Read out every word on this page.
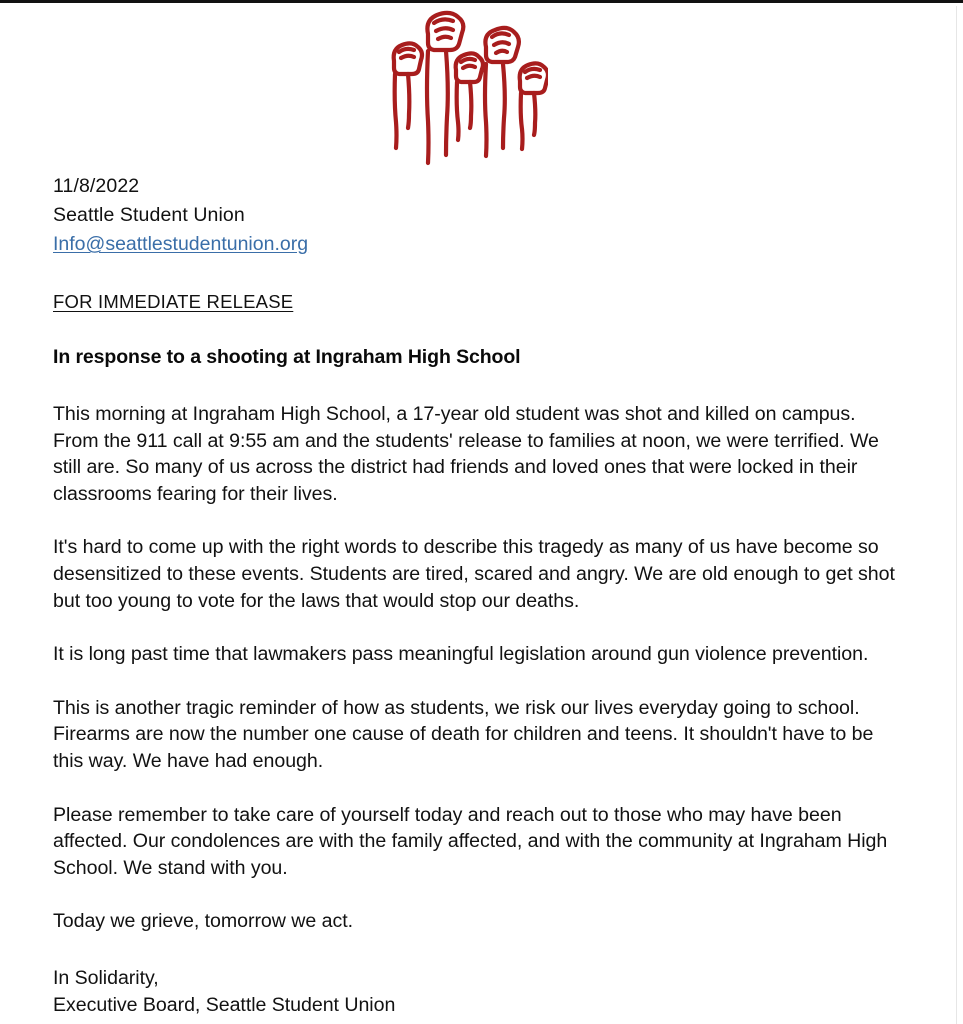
11/8/2022
Seattle Student Union
Info@seattlestudentunion.org
FOR IMMEDIATE RELEASE
In response to a shooting at Ingraham High School

This morning at Ingraham High School, a 17-year old student was shot and killed on campus. From the 911 call at 9:55 am and the students' release to families at noon, we were terrified. We still are. So many of us across the district had friends and loved ones that were locked in their classrooms fearing for their lives.

It's hard to come up with the right words to describe this tragedy as many of us have become so desensitized to these events. Students are tired, scared and angry. We are old enough to get shot but too young to vote for the laws that would stop our deaths.

It is long past time that lawmakers pass meaningful legislation around gun violence prevention.

This is another tragic reminder of how as students, we risk our lives everyday going to school. Firearms are now the number one cause of death for children and teens. It shouldn't have to be this way. We have had enough.

Please remember to take care of yourself today and reach out to those who may have been affected. Our condolences are with the family affected, and with the community at Ingraham High School. We stand with you.

Today we grieve, tomorrow we act.

In Solidarity,
Executive Board, Seattle Student Union
